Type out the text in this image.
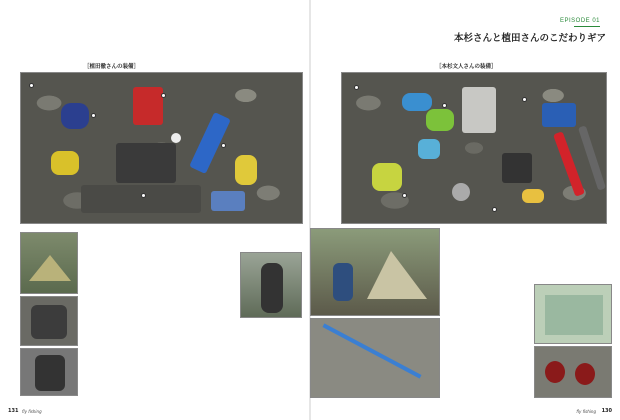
［植田徹さんの装備］

131 fly fishing
EPISODE 01
本杉さんと植田さんのこだわりギア
［本杉文人さんの装備］

130
fly fishing
